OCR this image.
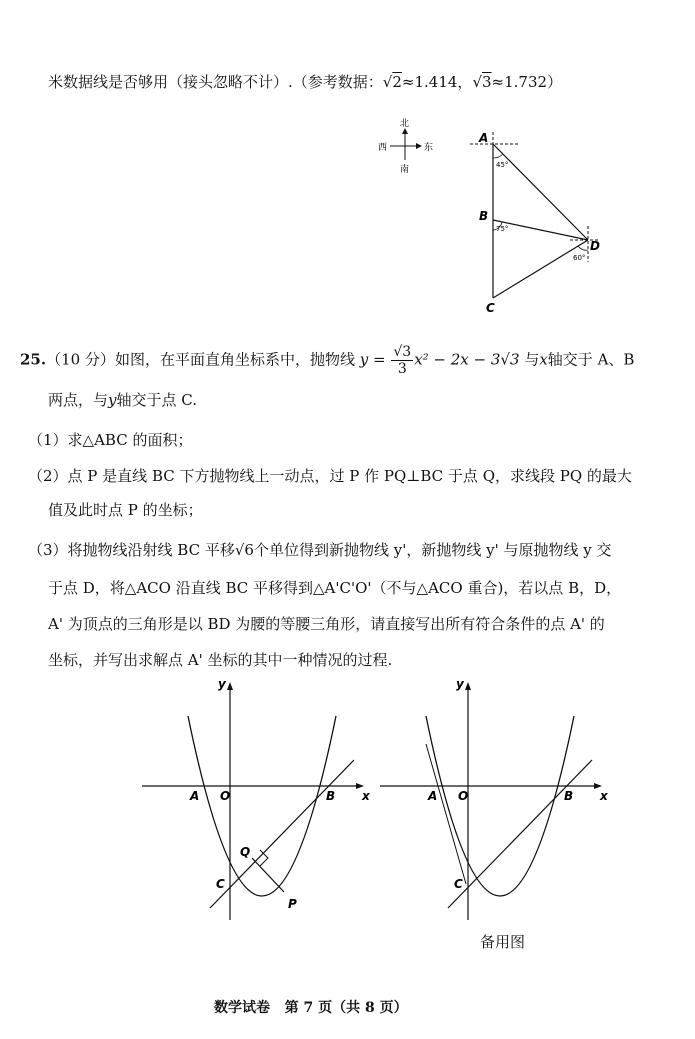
米数据线是否够用（接头忽略不计）.（参考数据：√2≈1.414，√3≈1.732）
北
南
西	东
A
B
C
D
45°
75°
60°
25.（10 分）如图，在平面直角坐标系中，抛物线 $y = \frac{√3}{3} x^2 - 2x - 3√3$ 与x轴交于 A、B
两点，与y轴交于点 C.
（1）求△ABC 的面积；
（2）点 P 是直线 BC 下方抛物线上一动点，过 P 作 PQ⊥BC 于点 Q，求线段 PQ 的最大
值及此时点 P 的坐标；
（3）将抛物线沿射线 BC 平移√6个单位得到新抛物线 y'，新抛物线 y' 与原抛物线 y 交
于点 D，将△ACO 沿直线 BC 平移得到△A'C'O'（不与△ACO 重合)，若以点 B，D，
A' 为顶点的三角形是以 BD 为腰的等腰三角形，请直接写出所有符合条件的点 A' 的
坐标，并写出求解点 A' 坐标的其中一种情况的过程.
y
x
A O	B
C
Q
P
y
x
A O	B
C
备用图
数学试卷 第 7 页（共 8 页）
